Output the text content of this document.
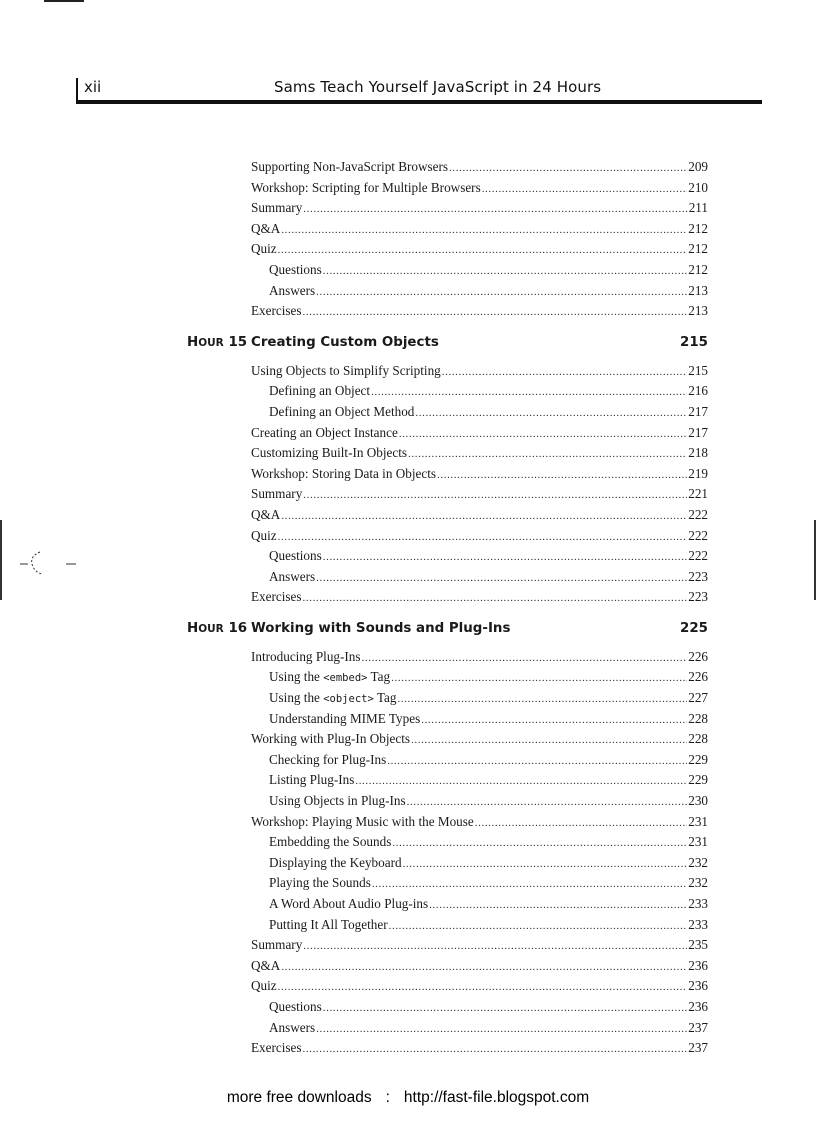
xii	Sams Teach Yourself JavaScript in 24 Hours
Supporting Non-JavaScript Browsers .....	209
Workshop: Scripting for Multiple Browsers .....	210
Summary .....	211
Q&A .....	212
Quiz .....	212
Questions .....	212
Answers .....	213
Exercises .....	213
HOUR 15 Creating Custom Objects	215
Using Objects to Simplify Scripting .....	215
Defining an Object .....	216
Defining an Object Method .....	217
Creating an Object Instance .....	217
Customizing Built-In Objects .....	218
Workshop: Storing Data in Objects .....	219
Summary .....	221
Q&A .....	222
Quiz .....	222
Questions .....	222
Answers .....	223
Exercises .....	223
HOUR 16 Working with Sounds and Plug-Ins	225
Introducing Plug-Ins .....	226
Using the <embed> Tag .....	226
Using the <object> Tag .....	227
Understanding MIME Types .....	228
Working with Plug-In Objects .....	228
Checking for Plug-Ins .....	229
Listing Plug-Ins .....	229
Using Objects in Plug-Ins .....	230
Workshop: Playing Music with the Mouse .....	231
Embedding the Sounds .....	231
Displaying the Keyboard .....	232
Playing the Sounds .....	232
A Word About Audio Plug-ins .....	233
Putting It All Together .....	233
Summary .....	235
Q&A .....	236
Quiz .....	236
Questions .....	236
Answers .....	237
Exercises .....	237
more free downloads : http://fast-file.blogspot.com
